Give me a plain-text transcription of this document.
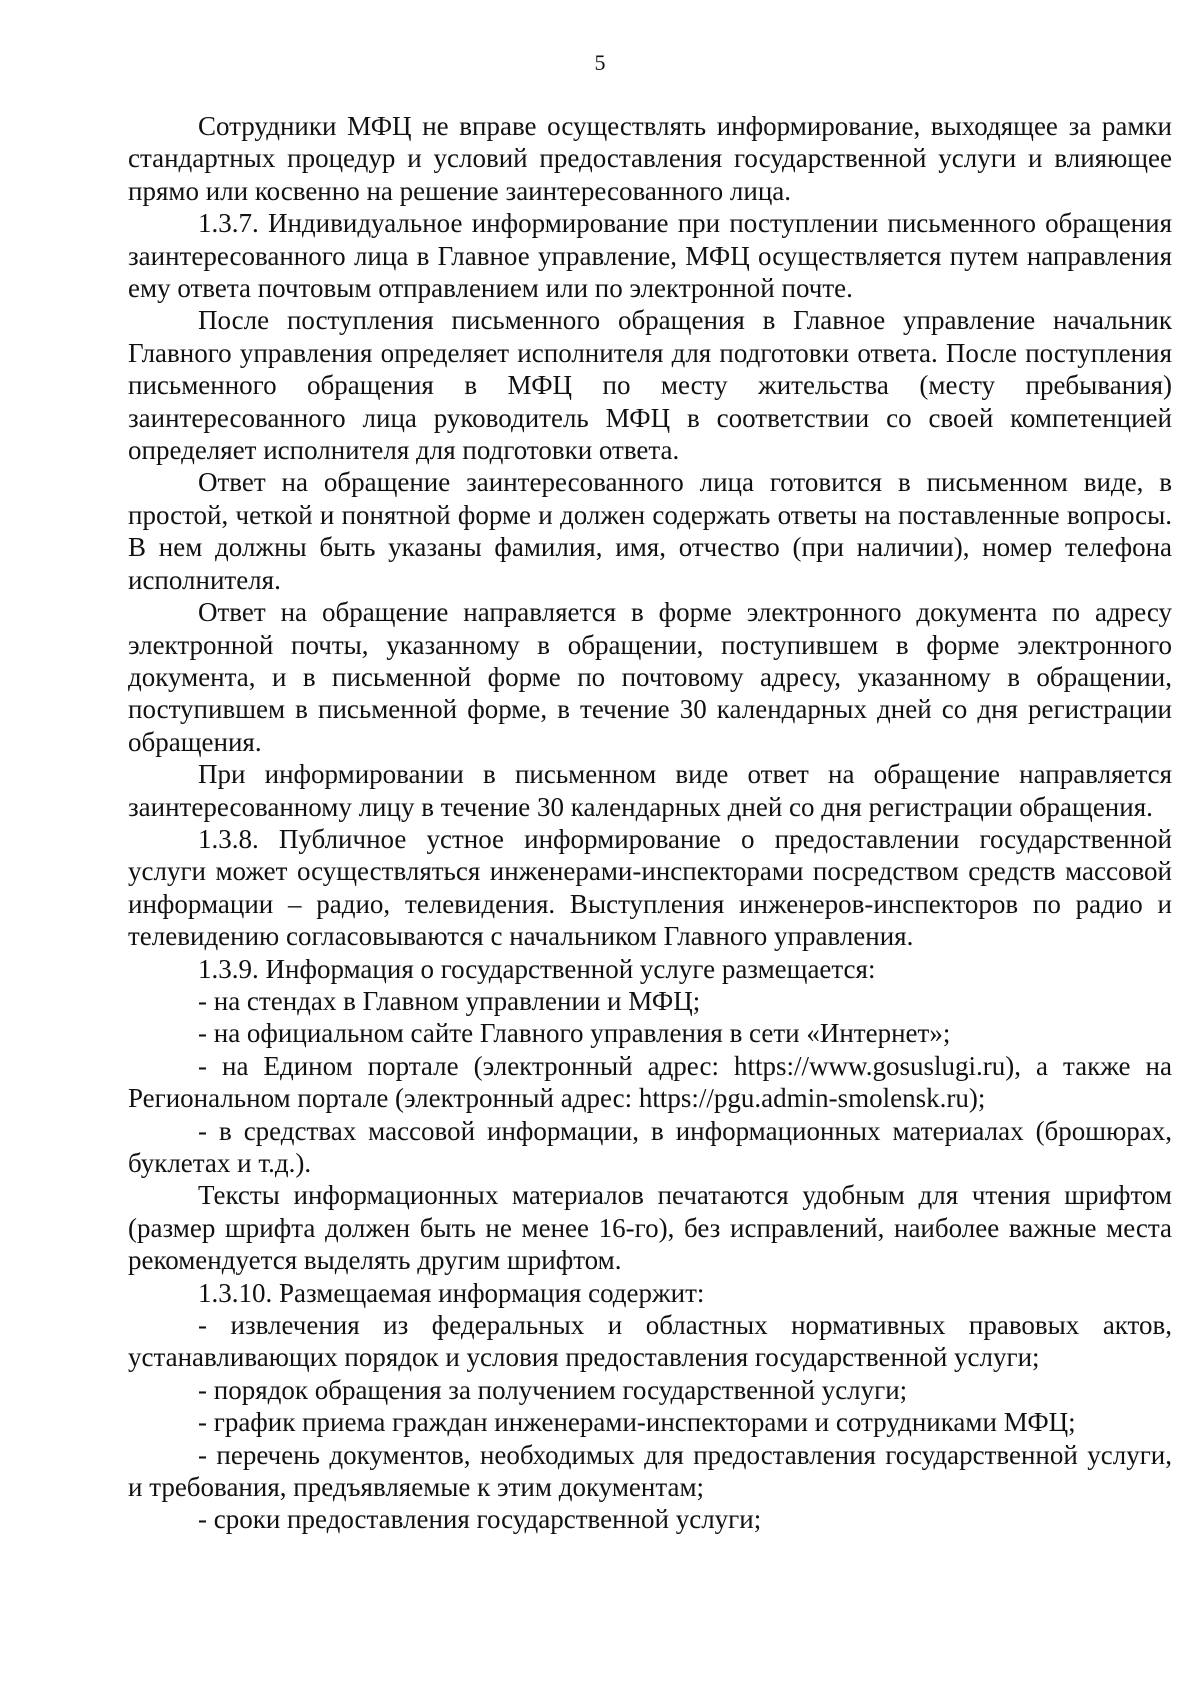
5

Сотрудники МФЦ не вправе осуществлять информирование, выходящее за рамки стандартных процедур и условий предоставления государственной услуги и влияющее прямо или косвенно на решение заинтересованного лица.

1.3.7. Индивидуальное информирование при поступлении письменного обращения заинтересованного лица в Главное управление, МФЦ осуществляется путем направления ему ответа почтовым отправлением или по электронной почте.

После поступления письменного обращения в Главное управление начальник Главного управления определяет исполнителя для подготовки ответа. После поступления письменного обращения в МФЦ по месту жительства (месту пребывания) заинтересованного лица руководитель МФЦ в соответствии со своей компетенцией определяет исполнителя для подготовки ответа.

Ответ на обращение заинтересованного лица готовится в письменном виде, в простой, четкой и понятной форме и должен содержать ответы на поставленные вопросы. В нем должны быть указаны фамилия, имя, отчество (при наличии), номер телефона исполнителя.

Ответ на обращение направляется в форме электронного документа по адресу электронной почты, указанному в обращении, поступившем в форме электронного документа, и в письменной форме по почтовому адресу, указанному в обращении, поступившем в письменной форме, в течение 30 календарных дней со дня регистрации обращения.

При информировании в письменном виде ответ на обращение направляется заинтересованному лицу в течение 30 календарных дней со дня регистрации обращения.

1.3.8. Публичное устное информирование о предоставлении государственной услуги может осуществляться инженерами-инспекторами посредством средств массовой информации – радио, телевидения. Выступления инженеров-инспекторов по радио и телевидению согласовываются с начальником Главного управления.

1.3.9. Информация о государственной услуге размещается:

- на стендах в Главном управлении и МФЦ;

- на официальном сайте Главного управления в сети «Интернет»;

- на Едином портале (электронный адрес: https://www.gosuslugi.ru), а также на Региональном портале (электронный адрес: https://pgu.admin-smolensk.ru);

- в средствах массовой информации, в информационных материалах (брошюрах, буклетах и т.д.).

Тексты информационных материалов печатаются удобным для чтения шрифтом (размер шрифта должен быть не менее 16-го), без исправлений, наиболее важные места рекомендуется выделять другим шрифтом.

1.3.10. Размещаемая информация содержит:

- извлечения из федеральных и областных нормативных правовых актов, устанавливающих порядок и условия предоставления государственной услуги;

- порядок обращения за получением государственной услуги;

- график приема граждан инженерами-инспекторами и сотрудниками МФЦ;

- перечень документов, необходимых для предоставления государственной услуги, и требования, предъявляемые к этим документам;

- сроки предоставления государственной услуги;
